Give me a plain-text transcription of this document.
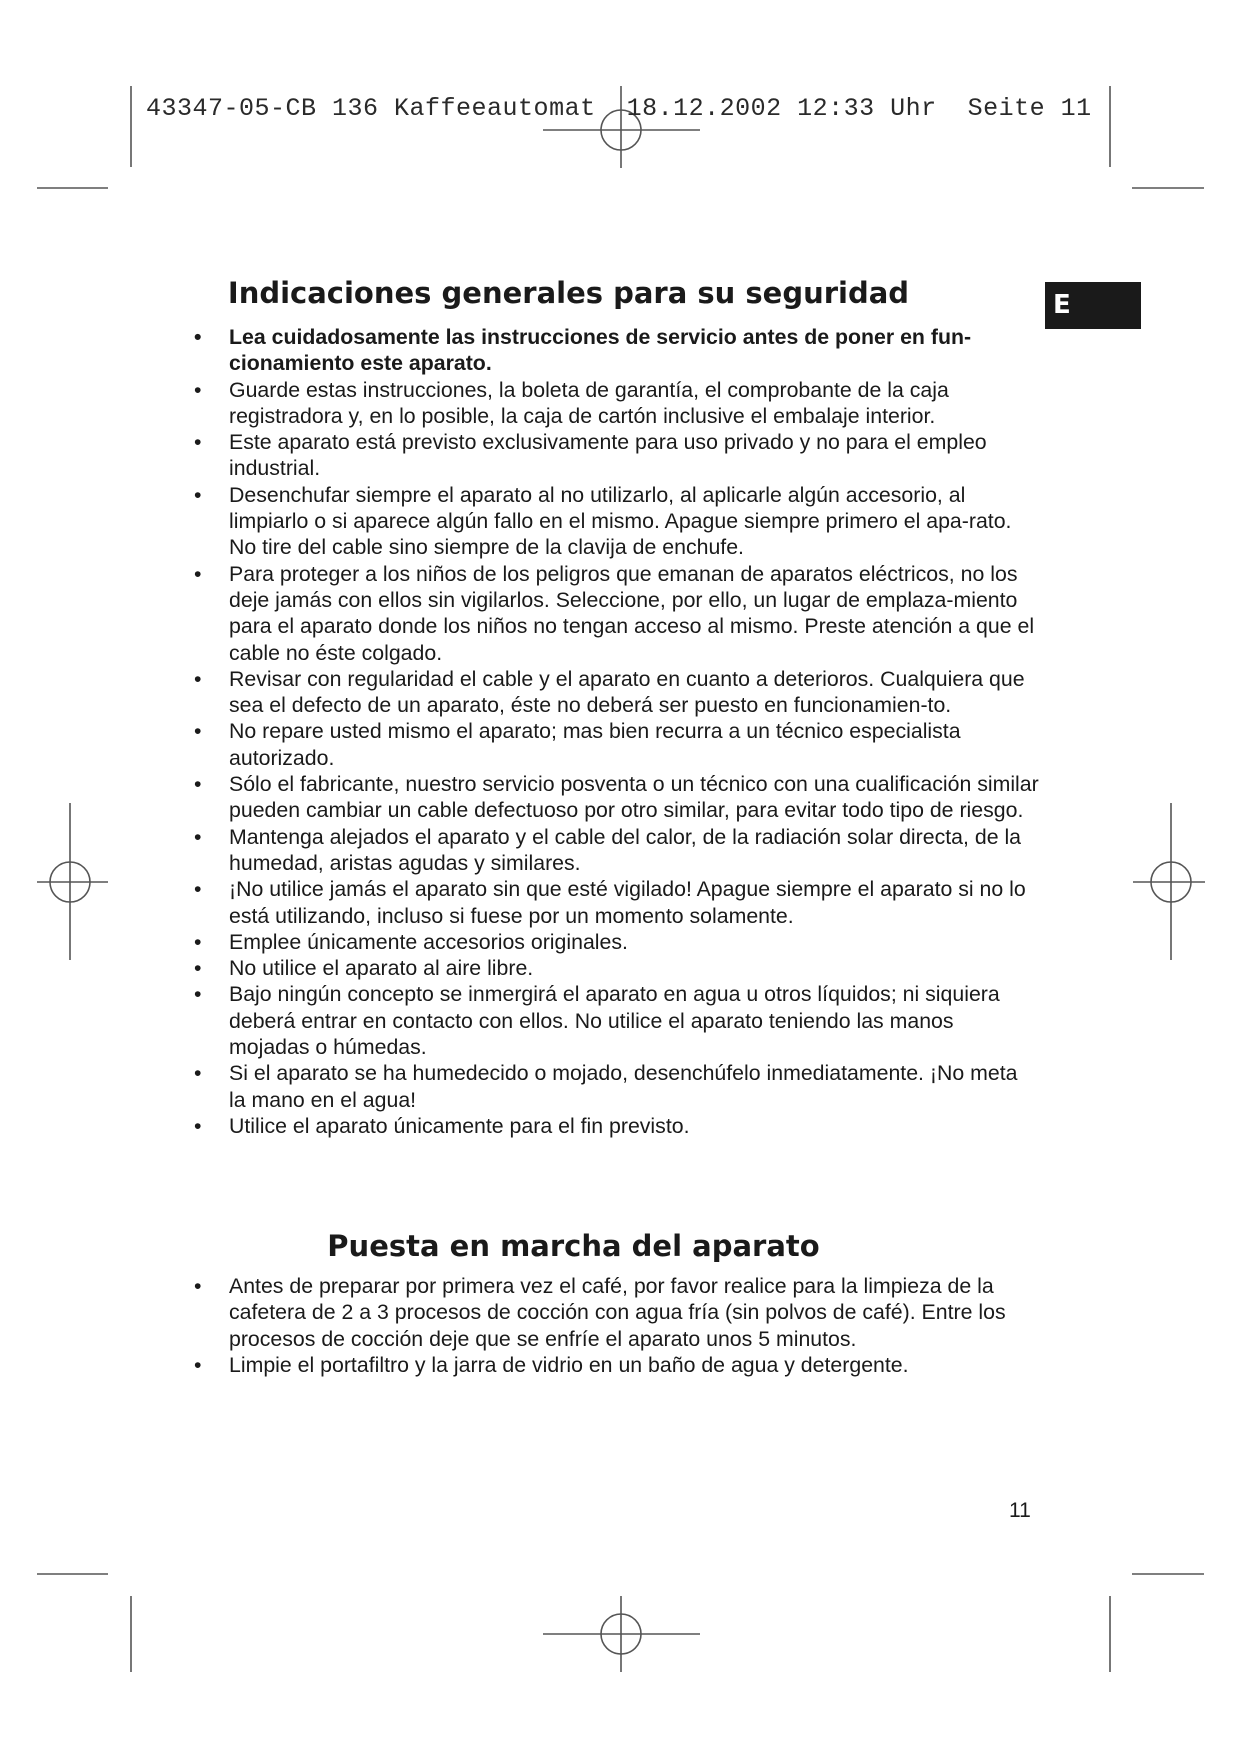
43347-05-CB 136 Kaffeeautomat  18.12.2002 12:33 Uhr  Seite 11
E
Indicaciones generales para su seguridad
• Lea cuidadosamente las instrucciones de servicio antes de poner en fun-cionamiento este aparato.
• Guarde estas instrucciones, la boleta de garantía, el comprobante de la caja registradora y, en lo posible, la caja de cartón inclusive el embalaje interior.
• Este aparato está previsto exclusivamente para uso privado y no para el empleo industrial.
• Desenchufar siempre el aparato al no utilizarlo, al aplicarle algún accesorio, al limpiarlo o si aparece algún fallo en el mismo. Apague siempre primero el apa-rato. No tire del cable sino siempre de la clavija de enchufe.
• Para proteger a los niños de los peligros que emanan de aparatos eléctricos, no los deje jamás con ellos sin vigilarlos. Seleccione, por ello, un lugar de emplaza-miento para el aparato donde los niños no tengan acceso al mismo. Preste atención a que el cable no éste colgado.
• Revisar con regularidad el cable y el aparato en cuanto a deterioros. Cualquiera que sea el defecto de un aparato, éste no deberá ser puesto en funcionamien-to.
• No repare usted mismo el aparato; mas bien recurra a un técnico especialista autorizado.
• Sólo el fabricante, nuestro servicio posventa o un técnico con una cualificación similar pueden cambiar un cable defectuoso por otro similar, para evitar todo tipo de riesgo.
• Mantenga alejados el aparato y el cable del calor, de la radiación solar directa, de la humedad, aristas agudas y similares.
• ¡No utilice jamás el aparato sin que esté vigilado! Apague siempre el aparato si no lo está utilizando, incluso si fuese por un momento solamente.
• Emplee únicamente accesorios originales.
• No utilice el aparato al aire libre.
• Bajo ningún concepto se inmergirá el aparato en agua u otros líquidos; ni siquiera deberá entrar en contacto con ellos. No utilice el aparato teniendo las manos mojadas o húmedas.
• Si el aparato se ha humedecido o mojado, desenchúfelo inmediatamente. ¡No meta la mano en el agua!
• Utilice el aparato únicamente para el fin previsto.
Puesta en marcha del aparato
• Antes de preparar por primera vez el café, por favor realice para la limpieza de la cafetera de 2 a 3 procesos de cocción con agua fría (sin polvos de café). Entre los procesos de cocción deje que se enfríe el aparato unos 5 minutos.
• Limpie el portafiltro y la jarra de vidrio en un baño de agua y detergente.
11
